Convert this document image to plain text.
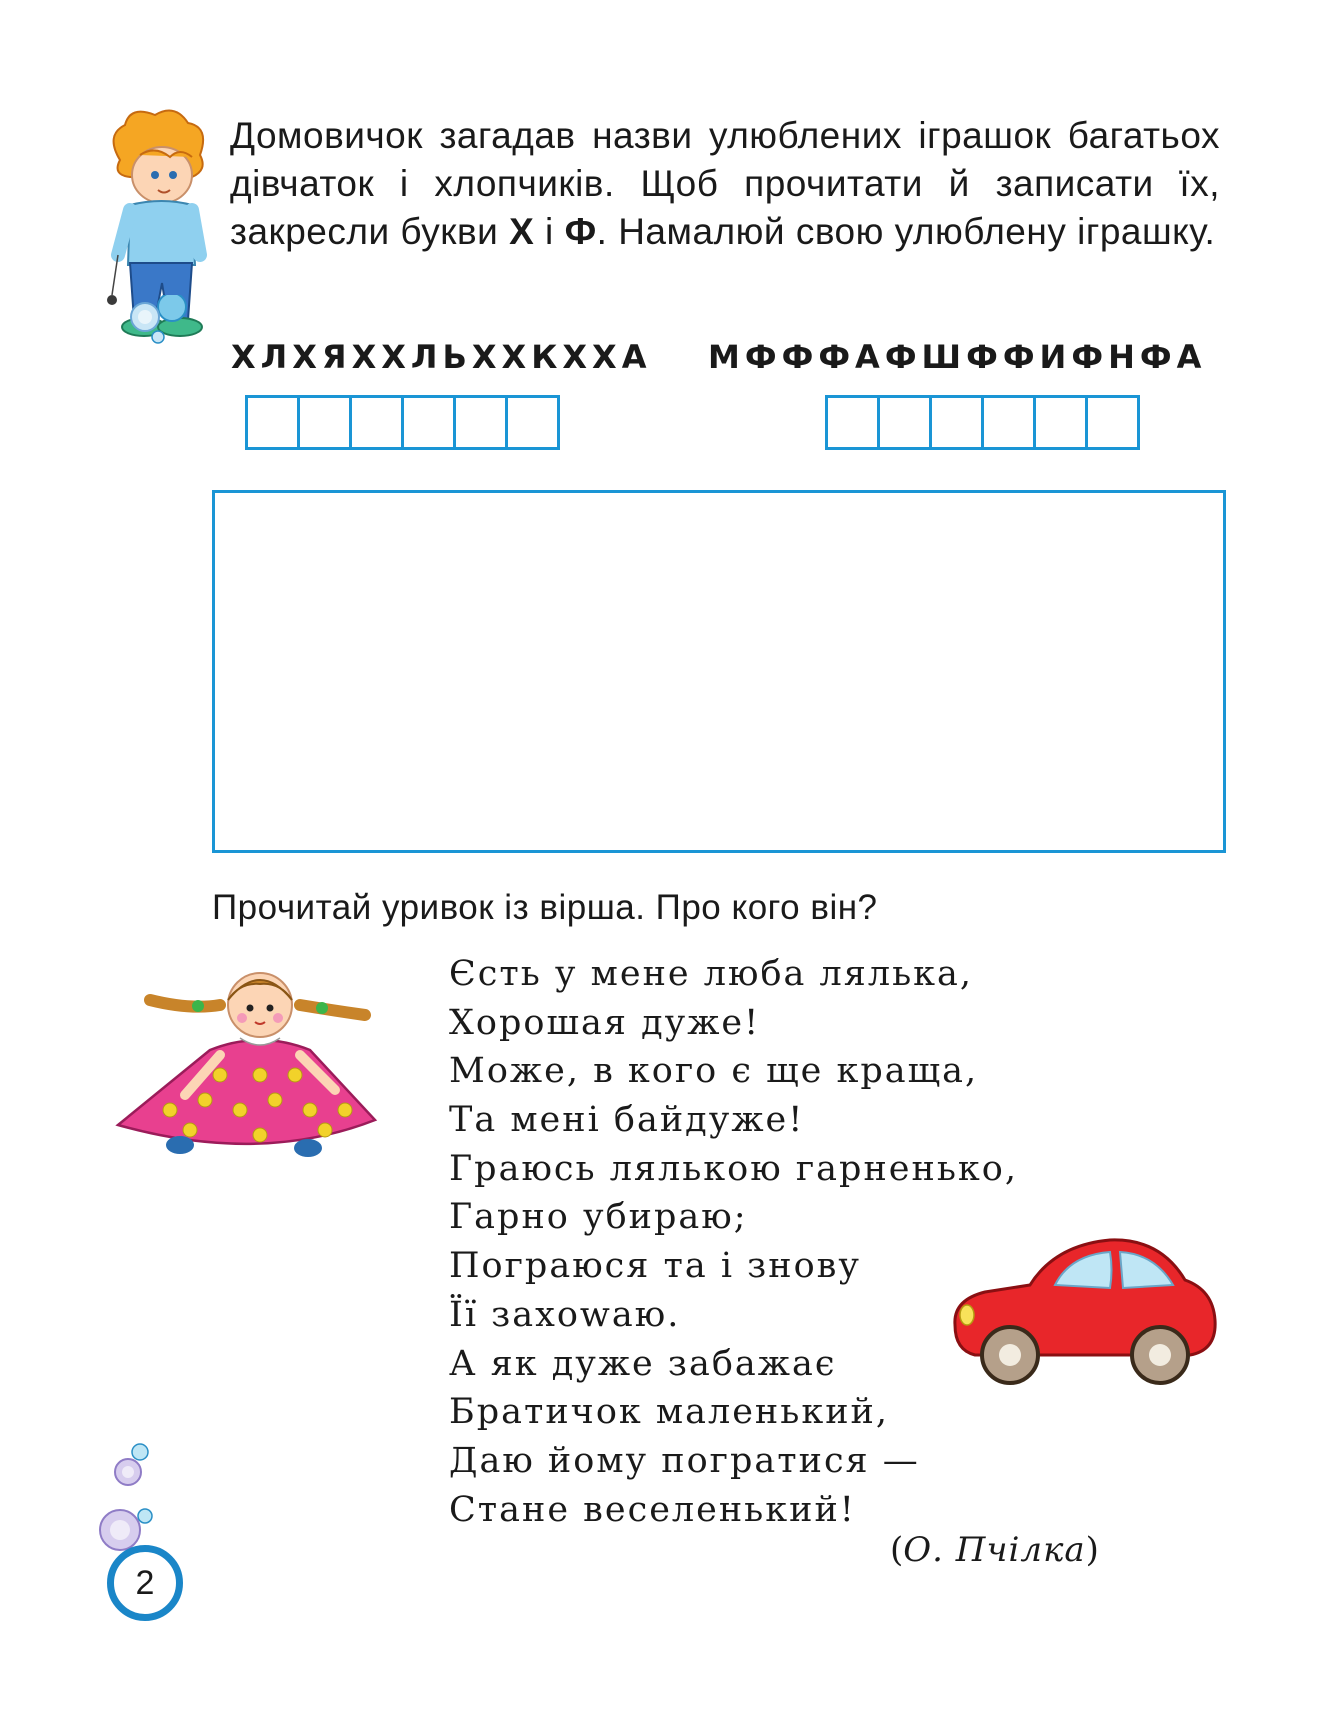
Домовичок загадав назви улюблених іграшок багатьох дівчаток і хлопчиків. Щоб прочитати й записати їх, закресли букви Х і Ф. Намалюй свою улюблену іграшку.
ХЛХЯХХЛЬХХКХХА МФФФАФШФФИФНФА
Прочитай уривок із вірша. Про кого він?
Єсть у мене люба лялька,
Хорошая дуже!
Може, в кого є ще краща,
Та мені байдуже!
Граюсь лялькою гарненько,
Гарно убираю;
Пограюся та і знову
Її захowаю.
А як дуже забажає
Братичок маленький,
Даю йому погратися —
Стане веселенький!
(О. Пчілка)
2
